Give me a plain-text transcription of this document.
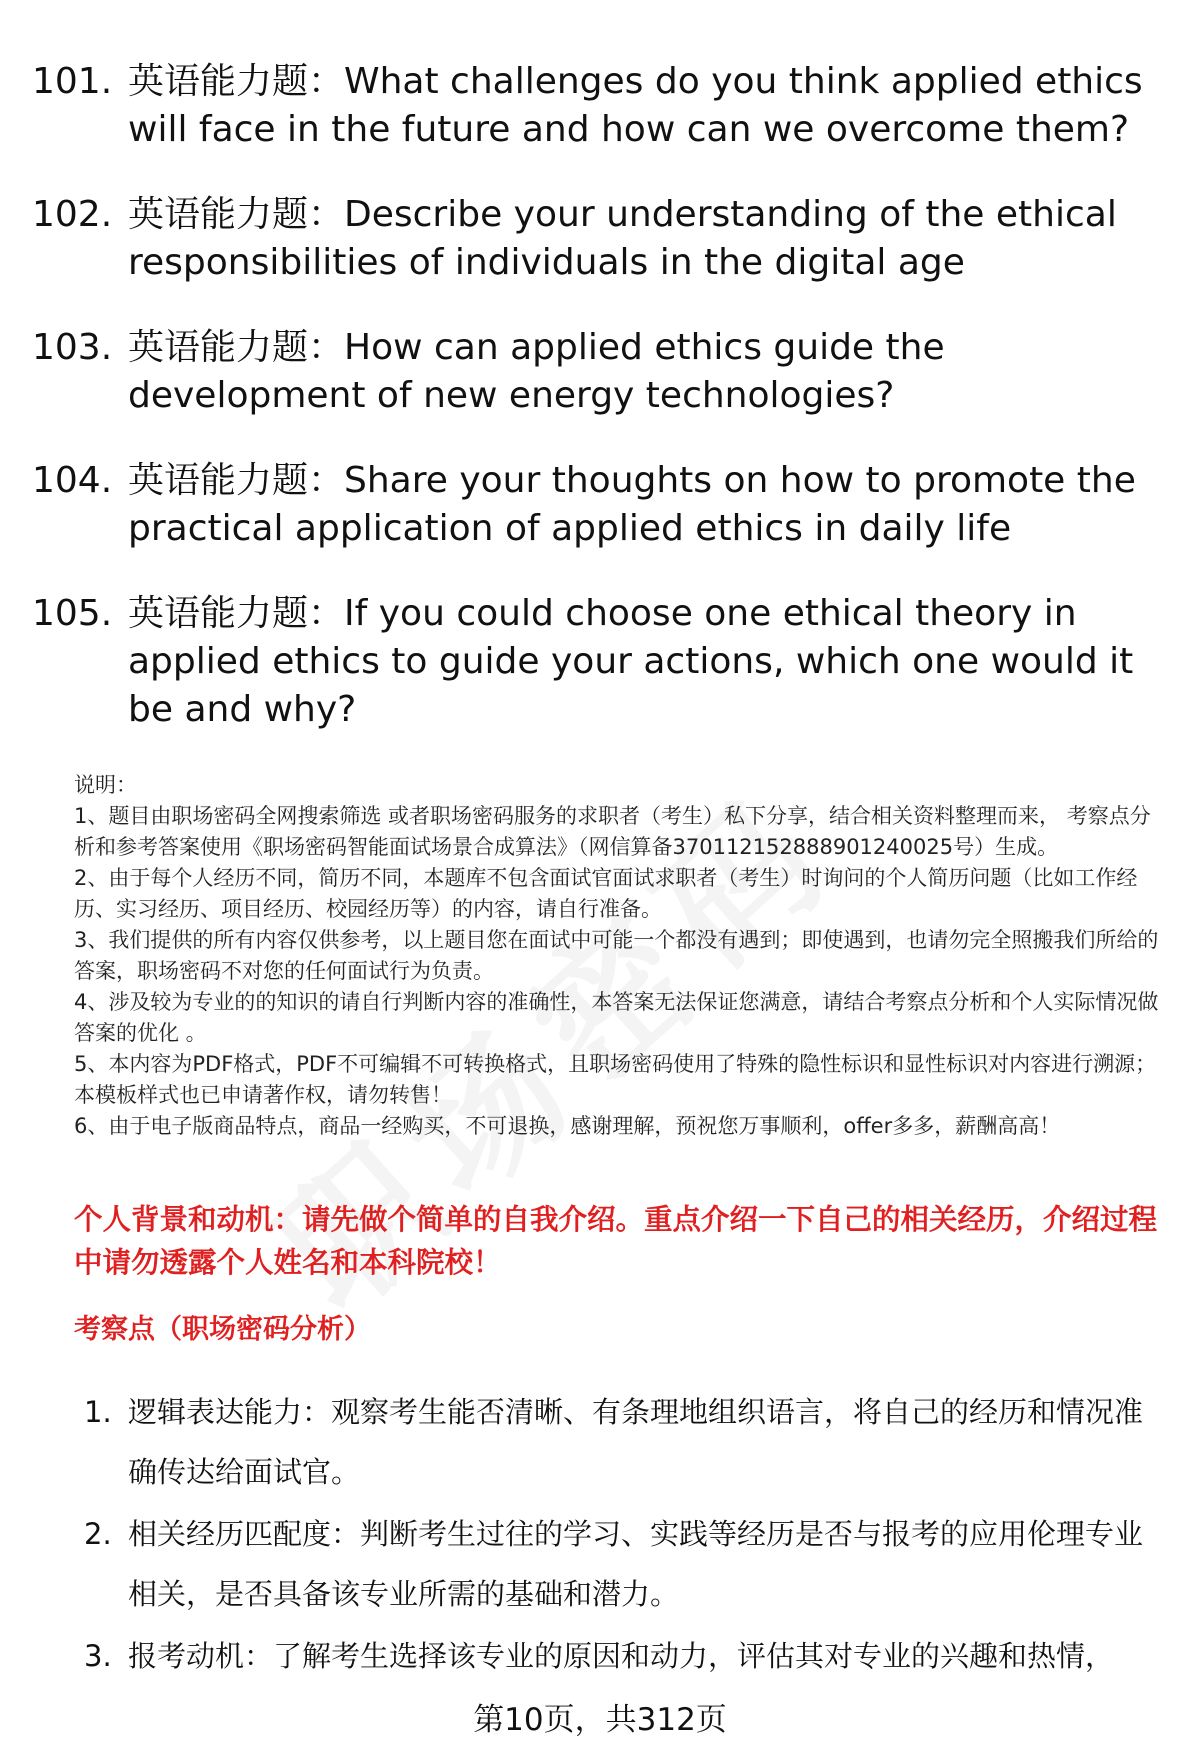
101. 英语能力题：What challenges do you think applied ethics will face in the future and how can we overcome them?
102. 英语能力题：Describe your understanding of the ethical responsibilities of individuals in the digital age
103. 英语能力题：How can applied ethics guide the development of new energy technologies?
104. 英语能力题：Share your thoughts on how to promote the practical application of applied ethics in daily life
105. 英语能力题：If you could choose one ethical theory in applied ethics to guide your actions, which one would it be and why?

说明：

1、题目由职场密码全网搜索筛选 或者职场密码服务的求职者（考生）私下分享，结合相关资料整理而来， 考察点分析和参考答案使用《职场密码智能面试场景合成算法》（网信算备370112152888901240025号）生成。

2、由于每个人经历不同，简历不同，本题库不包含面试官面试求职者（考生）时询问的个人简历问题（比如工作经历、实习经历、项目经历、校园经历等）的内容，请自行准备。

3、我们提供的所有内容仅供参考，以上题目您在面试中可能一个都没有遇到；即使遇到，也请勿完全照搬我们所给的答案，职场密码不对您的任何面试行为负责。

4、涉及较为专业的的知识的请自行判断内容的准确性，本答案无法保证您满意，请结合考察点分析和个人实际情况做答案的优化 。

5、本内容为PDF格式，PDF不可编辑不可转换格式，且职场密码使用了特殊的隐性标识和显性标识对内容进行溯源；本模板样式也已申请著作权，请勿转售！

6、由于电子版商品特点，商品一经购买，不可退换，感谢理解，预祝您万事顺利，offer多多，薪酬高高！

个人背景和动机：请先做个简单的自我介绍。重点介绍一下自己的相关经历，介绍过程中请勿透露个人姓名和本科院校！
考察点（职场密码分析）
1. 逻辑表达能力：观察考生能否清晰、有条理地组织语言，将自己的经历和情况准确传达给面试官。
2. 相关经历匹配度：判断考生过往的学习、实践等经历是否与报考的应用伦理专业相关，是否具备该专业所需的基础和潜力。
3. 报考动机：了解考生选择该专业的原因和动力，评估其对专业的兴趣和热情，
第10页，共312页
